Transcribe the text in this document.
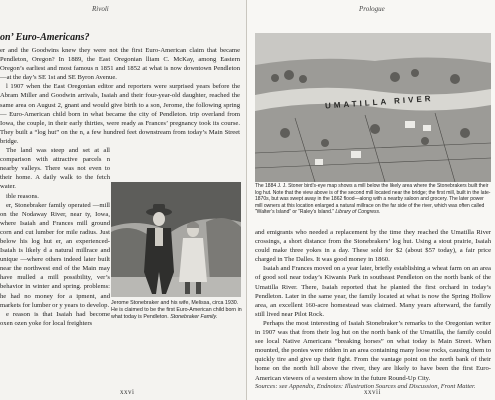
Rivoli
on’ Euro-Americans?

er and the Goodwins knew they were not the first Euro-American claim that became Pendleton, Oregon? In 1889, the East Oregonian lliam C. McKay, among Eastern Oregon’s earliest and most famous n 1851 and 1852 at what is now downtown Pendleton—at the day’s SE 1st and SE Byron Avenue.

l 1907 when the East Oregonian editor and reporters were surprised years before the Abram Miller and Goodwin arrivals, Isaiah and their four-year-old daughter, reached the same area on August 2, gnant and would give birth to a son, Jerome, the following spring— Euro-American child born in what became the city of Pendleton. trip overland from Iowa, the couple, in their early thirties, were ready as Frances’ pregnancy took its course. They built a “log hut” on the n, a few hundred feet downstream from today’s Main Street bridge.

The land was steep and set at all comparison with attractive parcels n nearby valleys. There was not even to their home. A daily walk to the fetch water.

ible reasons.

er, Stonebraker family operated —mill on the Nodaway River, near ty, Iowa, where Isaiah and Frances mill ground corn and cut lumber for mile radius. Just below his log hut er, an experienced-Isaiah is likely d a natural millrace and unique —where others indeed later built near the northwest end of the Main may have mulled a mill possibility, ver’s behavior in winter and spring. problems: he had no money for a ipment, and markets for lumber or y years to develop.

e reason is that Isaiah had become oxen ozen yoke for local freighters

Jerome Stonebraker and his wife, Melissa, circa 1930. He is claimed to be the first Euro-American child born in what today is Pendleton. Stonebraker Family.
xxvi
Prologue
UMATILLA RIVER
The 1884 J. J. Stoner bird’s-eye map shows a mill below the likely area where the Stonebrakers built their log hut. Note that the view above is of the second mill located near the bridge; the first mill, built in the late-1870s, but was swept away in the 1862 flood—along with a nearby saloon and grocery. The later power mill owners at this location enlarged a natural millrace on the far side of the river, which was often called “Walter’s Island” or “Raley’s Island.” Library of Congress.

and emigrants who needed a replacement by the time they reached the Umatilla River crossings, a short distance from the Stonebrakers’ log hut. Using a stout prairie, Isaiah could make three yokes in a day. These sold for $2 (about $57 today), a fair price charged in The Dalles. It was good money in 1860.

Isaiah and Frances moved on a year later, briefly establishing a wheat farm on an area of good soil near today’s Kiwanis Park in southeast Pendleton on the north bank of the Umatilla River. There, Isaiah reported that he planted the first orchard in today’s Pendleton. Later in the same year, the family located at what is now the Spring Hollow area, an excellent 160-acre homestead was claimed. Many years afterward, the family still lived near Pilot Rock.

Perhaps the most interesting of Isaiah Stonebraker’s remarks to the Oregonian writer in 1907 was that from their log hut on the north bank of the Umatilla, the family could see local Native Americans “breaking horses” on what today is Main Street. When mounted, the ponies were ridden in an area containing many loose rocks, causing them to quickly tire and give up their fight. From the vantage point on the north bank of their home on the north hill above the river, they are likely to have been the first Euro-American viewers of a western show in the future Round-Up City.

Sources: see Appendix, Endnotes: Illustration Sources and Discussion, Front Matter.
xxvii
